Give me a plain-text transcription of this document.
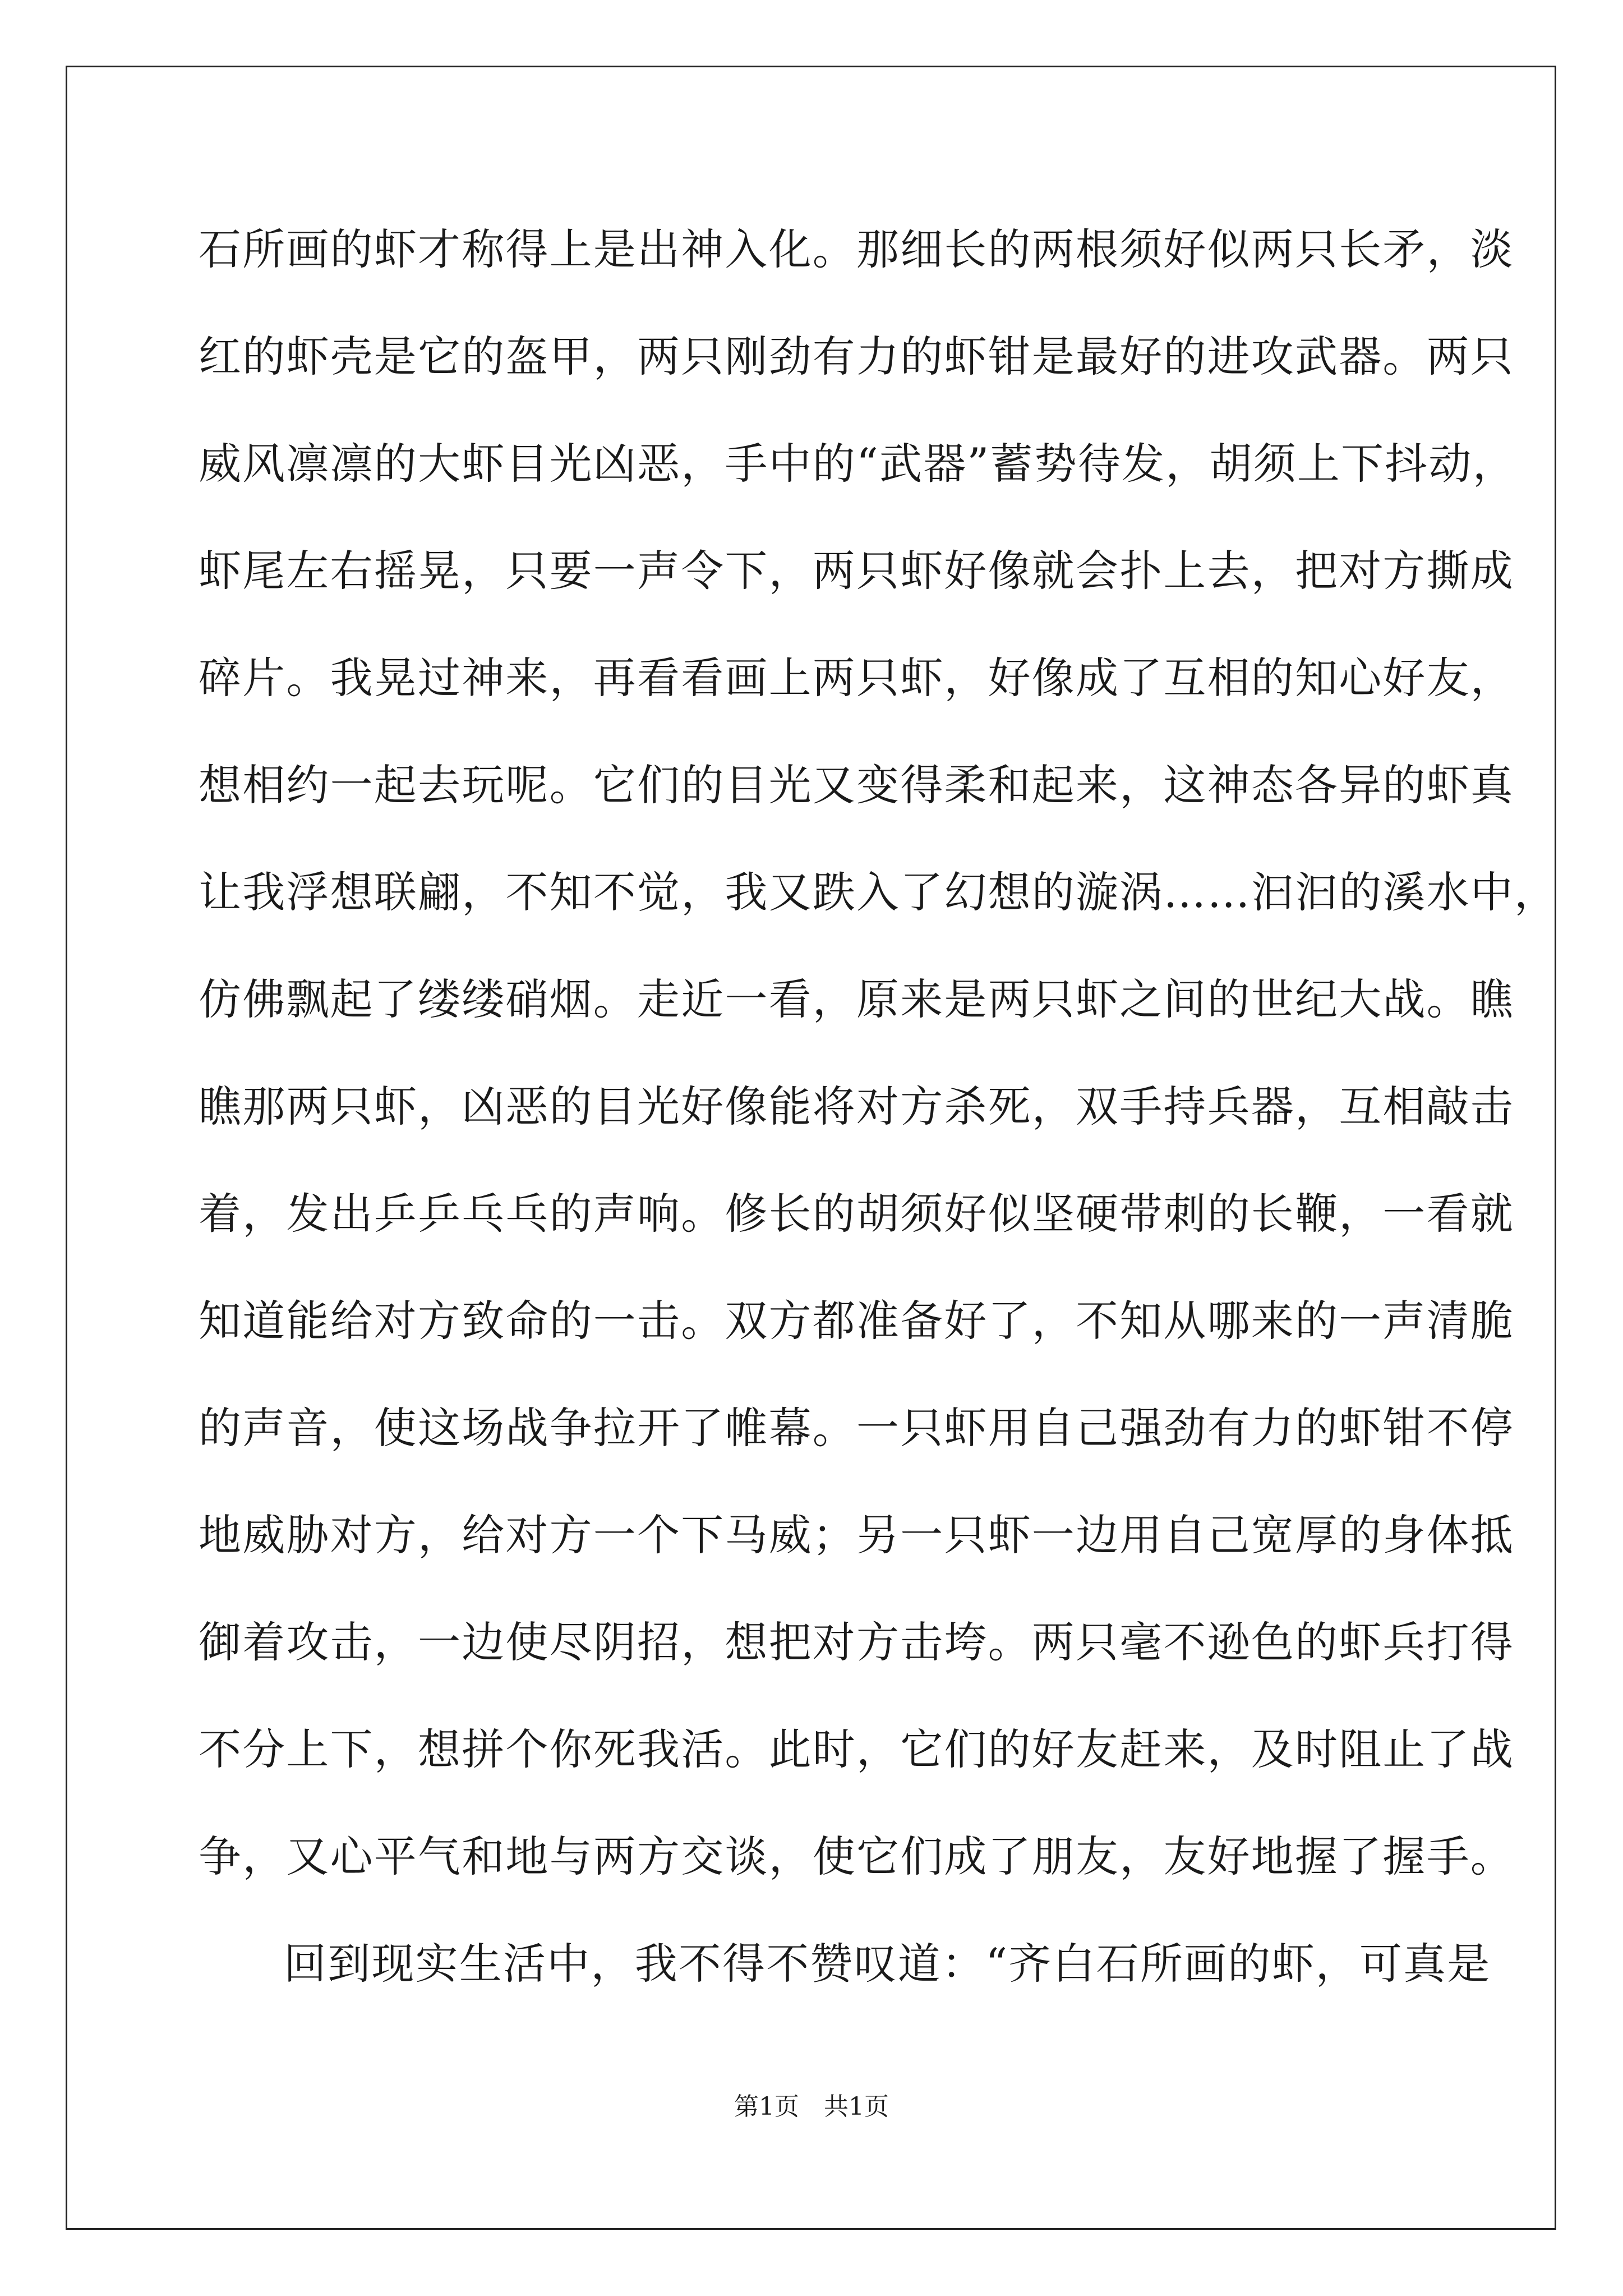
石所画的虾才称得上是出神入化。那细长的两根须好似两只长矛，淡
红的虾壳是它的盔甲，两只刚劲有力的虾钳是最好的进攻武器。两只
威风凛凛的大虾目光凶恶，手中的“武器”蓄势待发，胡须上下抖动，
虾尾左右摇晃，只要一声令下，两只虾好像就会扑上去，把对方撕成
碎片。我晃过神来，再看看画上两只虾，好像成了互相的知心好友，
想相约一起去玩呢。它们的目光又变得柔和起来，这神态各异的虾真
让我浮想联翩，不知不觉，我又跌入了幻想的漩涡……汩汩的溪水中，
仿佛飘起了缕缕硝烟。走近一看，原来是两只虾之间的世纪大战。瞧
瞧那两只虾，凶恶的目光好像能将对方杀死，双手持兵器，互相敲击
着，发出乒乒乓乓的声响。修长的胡须好似坚硬带刺的长鞭，一看就
知道能给对方致命的一击。双方都准备好了，不知从哪来的一声清脆
的声音，使这场战争拉开了帷幕。一只虾用自己强劲有力的虾钳不停
地威胁对方，给对方一个下马威；另一只虾一边用自己宽厚的身体抵
御着攻击，一边使尽阴招，想把对方击垮。两只毫不逊色的虾兵打得
不分上下，想拼个你死我活。此时，它们的好友赶来，及时阻止了战
争，又心平气和地与两方交谈，使它们成了朋友，友好地握了握手。
回到现实生活中，我不得不赞叹道：“齐白石所画的虾，可真是
第1页　共1页
